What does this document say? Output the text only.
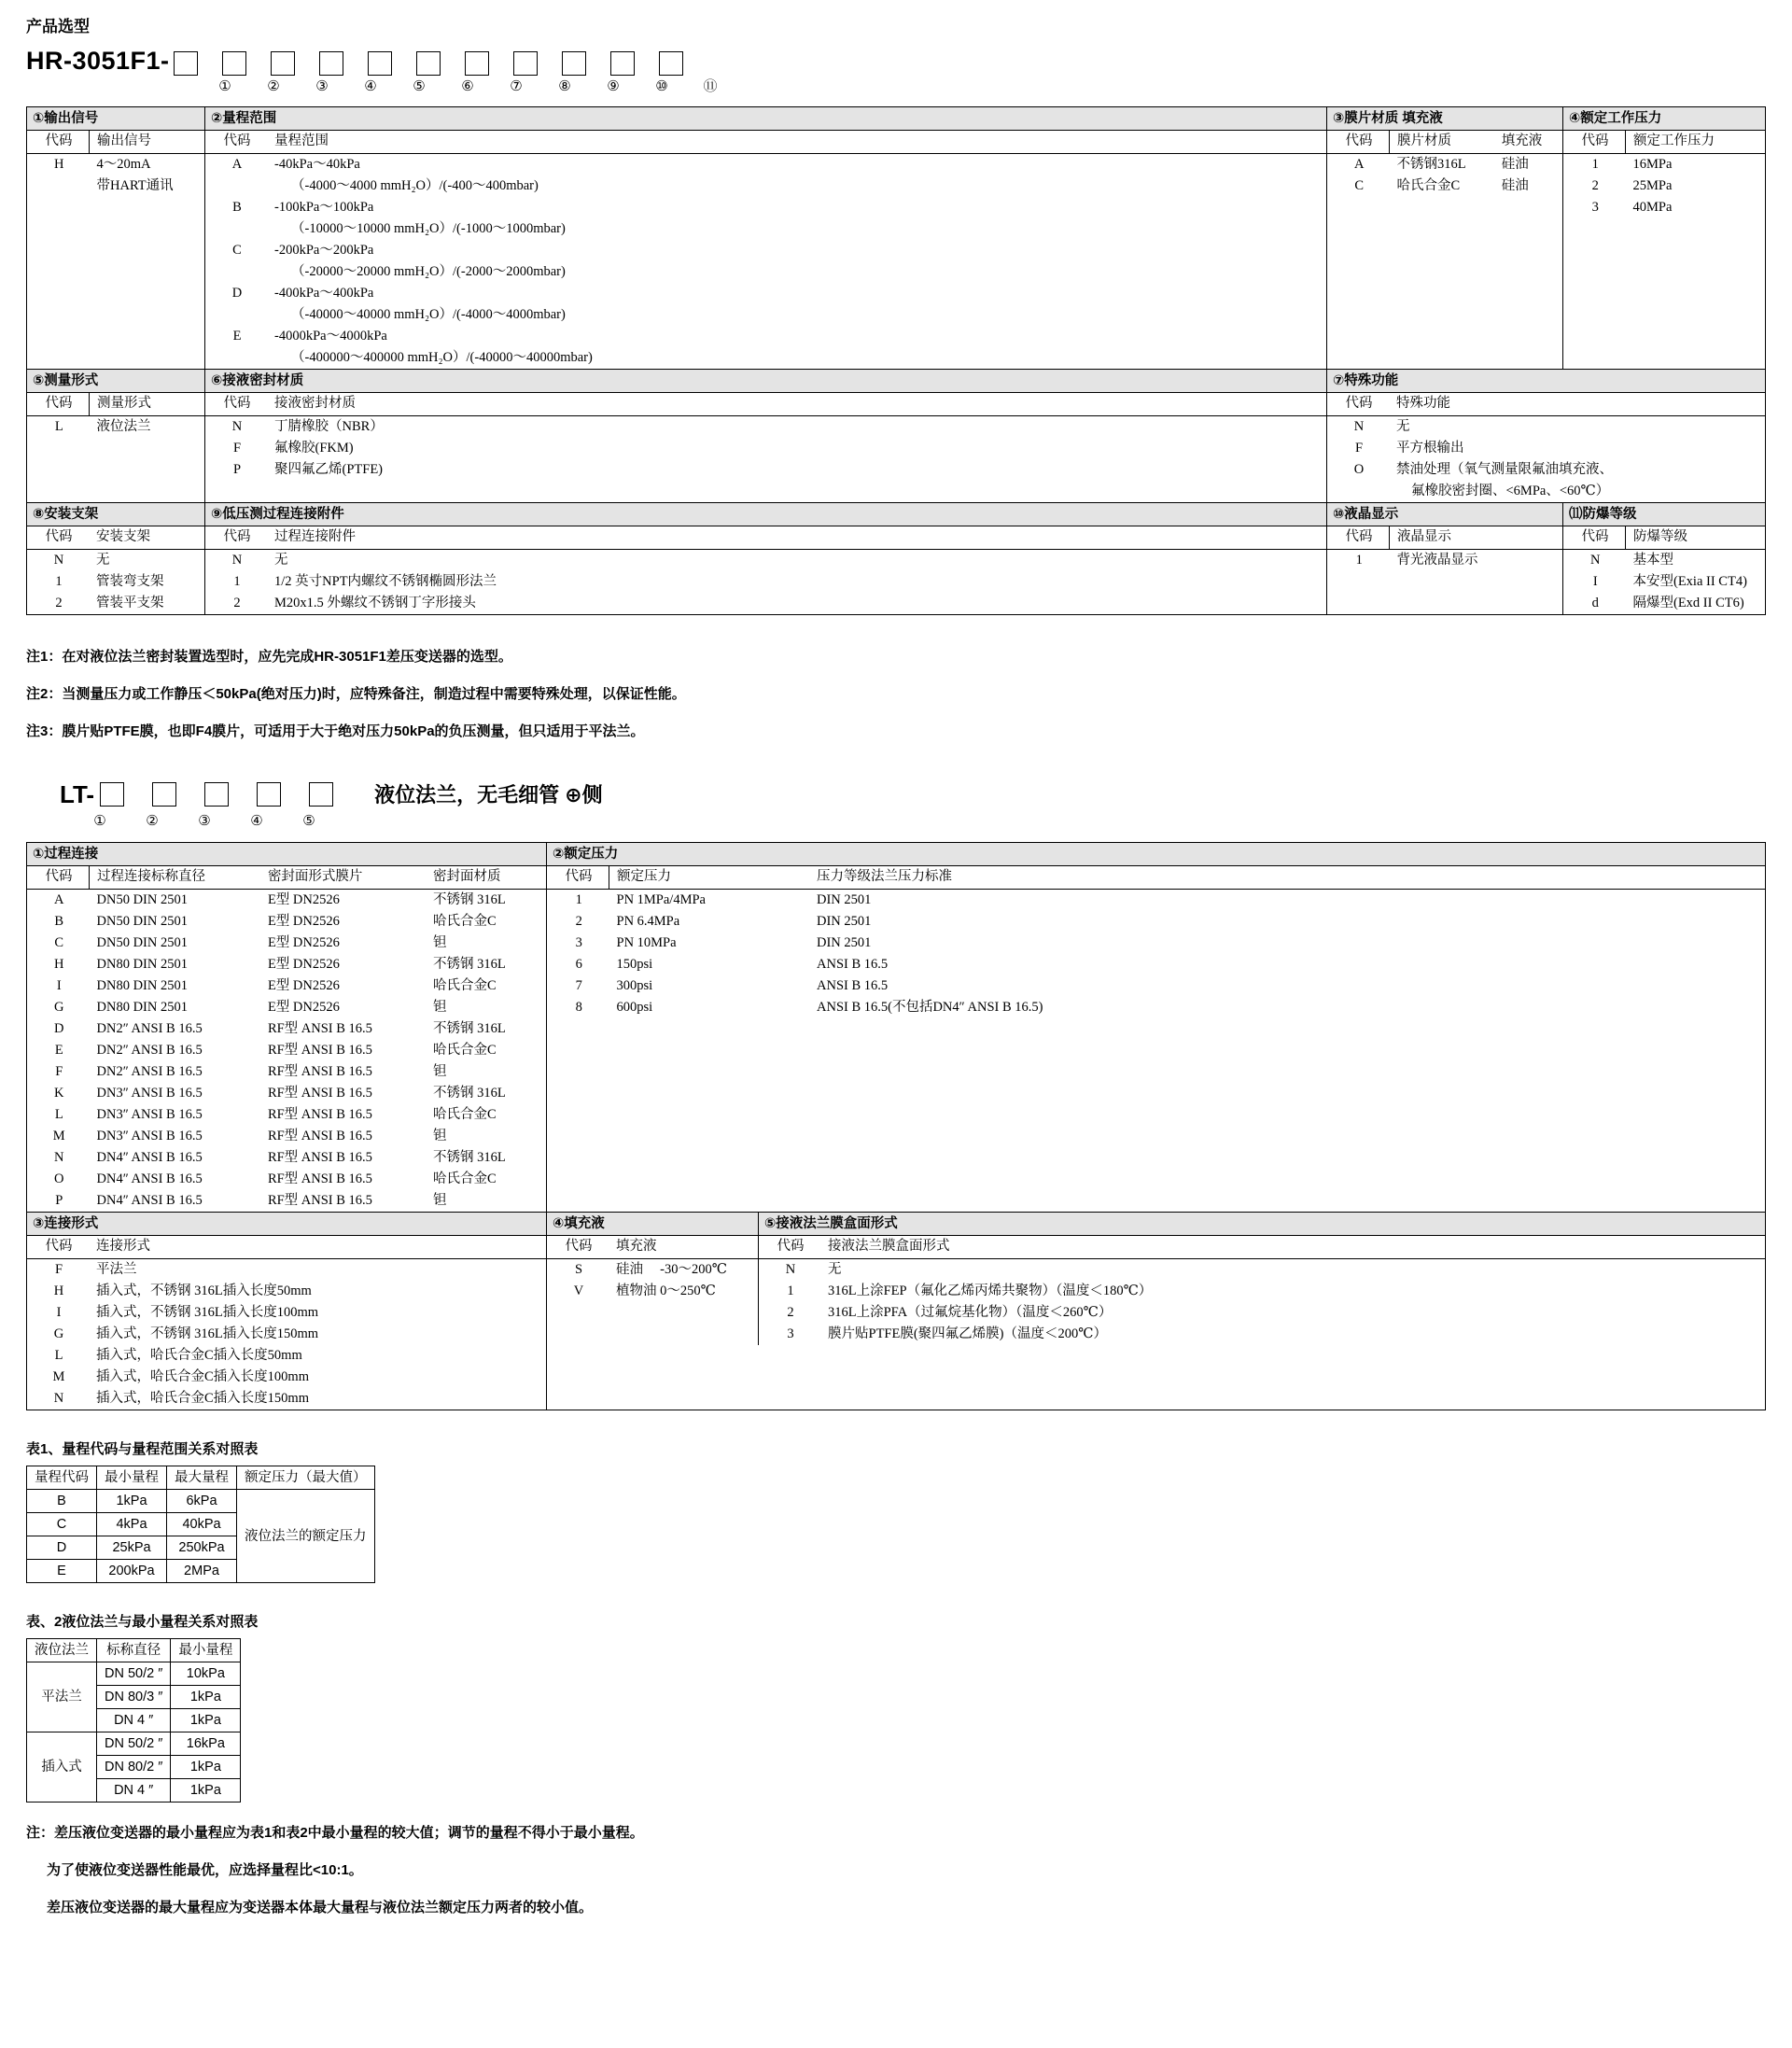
产品选型
HR-3051F1-
①	②	③	④	⑤	⑥	⑦	⑧	⑨	⑩	⑪
①输出信号
代码	输出信号
H	4～20mA
	带HART通讯

②量程范围
代码	量程范围
A	-40kPa～40kPa
	（-4000～4000 mmH₂O）/(-400～400mbar)
B	-100kPa～100kPa
	（-10000～10000 mmH₂O）/(-1000～1000mbar)
C	-200kPa～200kPa
	（-20000～20000 mmH₂O）/(-2000～2000mbar)
D	-400kPa～400kPa
	（-40000～40000 mmH₂O）/(-4000～4000mbar)
E	-4000kPa～4000kPa
	（-400000～400000 mmH₂O）/(-40000～40000mbar)

③膜片材质 填充液
代码	膜片材质	填充液
A	不锈钢316L	硅油
C	哈氏合金C	硅油

④额定工作压力
代码	额定工作压力
1	16MPa
2	25MPa
3	40MPa

⑤测量形式
代码	测量形式
L	液位法兰

⑥接液密封材质
代码	接液密封材质
N	丁腈橡胶（NBR）
F	氟橡胶(FKM)
P	聚四氟乙烯(PTFE)

⑦特殊功能
代码	特殊功能
N	无
F	平方根输出
O	禁油处理（氧气测量限氟油填充液、
	氟橡胶密封圈、<6MPa、<60℃）

⑧安装支架
代码	安装支架
N	无
1	管装弯支架
2	管装平支架

⑨低压测过程连接附件
代码	过程连接附件
N	无
1	1/2 英寸NPT内螺纹不锈钢椭圆形法兰
2	M20x1.5 外螺纹不锈钢丁字形接头

⑩液晶显示
代码	液晶显示
1	背光液晶显示

⑾防爆等级
代码	防爆等级
N	基本型
I	本安型(Exia II CT4)
d	隔爆型(Exd II CT6)
注1：在对液位法兰密封装置选型时，应先完成HR-3051F1差压变送器的选型。
注2：当测量压力或工作静压＜50kPa(绝对压力)时，应特殊备注，制造过程中需要特殊处理，以保证性能。
注3：膜片贴PTFE膜，也即F4膜片，可适用于大于绝对压力50kPa的负压测量，但只适用于平法兰。
LT-	液位法兰，无毛细管 ⊕侧
①	②	③	④	⑤
①过程连接
代码	过程连接标称直径	密封面形式膜片	密封面材质
A	DN50 DIN 2501	E型 DN2526	不锈钢 316L
B	DN50 DIN 2501	E型 DN2526	哈氏合金C
C	DN50 DIN 2501	E型 DN2526	钽
H	DN80 DIN 2501	E型 DN2526	不锈钢 316L
I	DN80 DIN 2501	E型 DN2526	哈氏合金C
G	DN80 DIN 2501	E型 DN2526	钽
D	DN2″ ANSI B 16.5	RF型 ANSI B 16.5	不锈钢 316L
E	DN2″ ANSI B 16.5	RF型 ANSI B 16.5	哈氏合金C
F	DN2″ ANSI B 16.5	RF型 ANSI B 16.5	钽
K	DN3″ ANSI B 16.5	RF型 ANSI B 16.5	不锈钢 316L
L	DN3″ ANSI B 16.5	RF型 ANSI B 16.5	哈氏合金C
M	DN3″ ANSI B 16.5	RF型 ANSI B 16.5	钽
N	DN4″ ANSI B 16.5	RF型 ANSI B 16.5	不锈钢 316L
O	DN4″ ANSI B 16.5	RF型 ANSI B 16.5	哈氏合金C
P	DN4″ ANSI B 16.5	RF型 ANSI B 16.5	钽

②额定压力
代码	额定压力	压力等级法兰压力标准
1	PN 1MPa/4MPa	DIN 2501
2	PN 6.4MPa	DIN 2501
3	PN 10MPa	DIN 2501
6	150psi	ANSI B 16.5
7	300psi	ANSI B 16.5
8	600psi	ANSI B 16.5(不包括DN4″ ANSI B 16.5)

③连接形式
代码	连接形式
F	平法兰
H	插入式，不锈钢 316L插入长度50mm
I	插入式，不锈钢 316L插入长度100mm
G	插入式，不锈钢 316L插入长度150mm
L	插入式，哈氏合金C插入长度50mm
M	插入式，哈氏合金C插入长度100mm
N	插入式，哈氏合金C插入长度150mm

④填充液
代码	填充液
S	硅油　 -30～200℃
V	植物油 0～250℃

⑤接液法兰膜盒面形式
代码	接液法兰膜盒面形式
N	无
1	316L上涂FEP（氟化乙烯丙烯共聚物）（温度＜180℃）
2	316L上涂PFA（过氟烷基化物）（温度＜260℃）
3	膜片贴PTFE膜(聚四氟乙烯膜)（温度＜200℃）
表1、量程代码与量程范围关系对照表
量程代码	最小量程	最大量程	额定压力（最大值）
B	1kPa	6kPa	液位法兰的额定压力
C	4kPa	40kPa	
D	25kPa	250kPa	
E	200kPa	2MPa	
表、2液位法兰与最小量程关系对照表
液位法兰	标称直径	最小量程
平法兰	DN 50/2 ″	10kPa
	DN 80/3 ″	1kPa
	DN 4 ″	1kPa
插入式	DN 50/2 ″	16kPa
	DN 80/2 ″	1kPa
	DN 4 ″	1kPa
注：差压液位变送器的最小量程应为表1和表2中最小量程的较大值；调节的量程不得小于最小量程。
为了使液位变送器性能最优，应选择量程比<10:1。
差压液位变送器的最大量程应为变送器本体最大量程与液位法兰额定压力两者的较小值。
